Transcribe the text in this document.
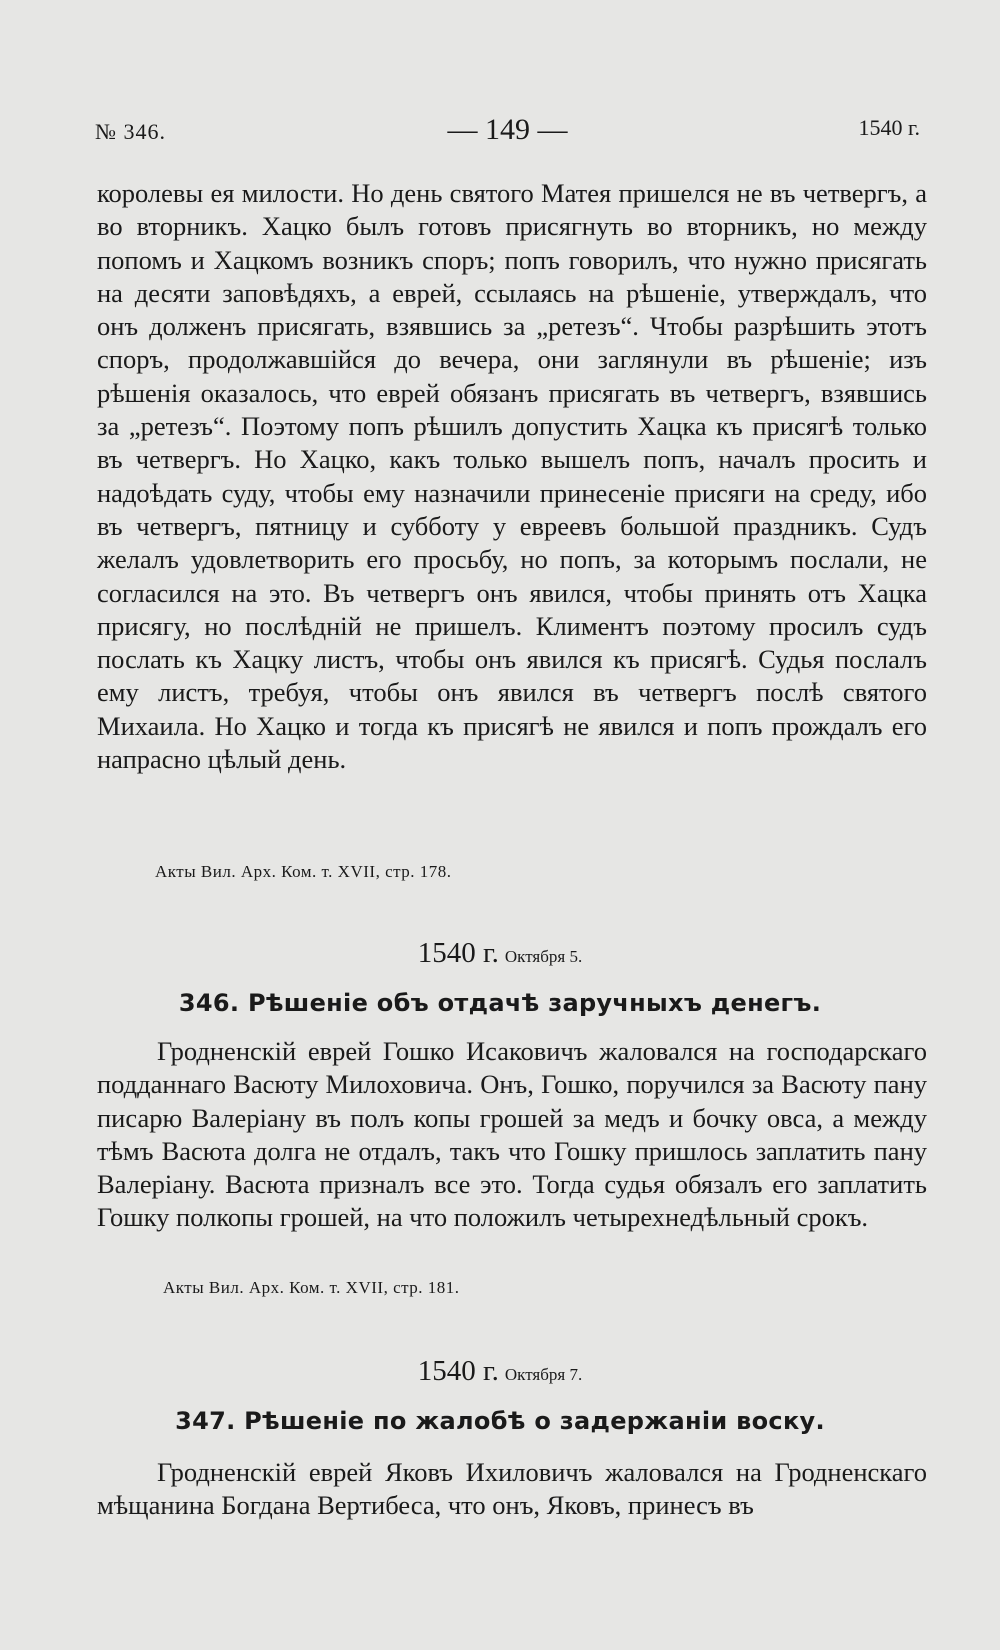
№ 346.	— 149 —	1540 г.

королевы ея милости. Но день святого Матея пришелся не въ четвергъ, а во вторникъ. Хацко былъ готовъ присягнуть во вторникъ, но между попомъ и Хацкомъ возникъ споръ; попъ говорилъ, что нужно присягать на десяти заповѣдяхъ, а еврей, ссылаясь на рѣшеніе, утверждалъ, что онъ долженъ присягать, взявшись за „ретезъ“. Чтобы разрѣшить этотъ споръ, продолжавшійся до вечера, они заглянули въ рѣшеніе; изъ рѣшенія оказалось, что еврей обязанъ присягать въ четвергъ, взявшись за „ретезъ“. Поэтому попъ рѣшилъ допустить Хацка къ присягѣ только въ четвергъ. Но Хацко, какъ только вышелъ попъ, началъ просить и надоѣдать суду, чтобы ему назначили принесеніе присяги на среду, ибо въ четвергъ, пятницу и субботу у евреевъ большой праздникъ. Судъ желалъ удовлетворить его просьбу, но попъ, за которымъ послали, не согласился на это. Въ четвергъ онъ явился, чтобы принять отъ Хацка присягу, но послѣдній не пришелъ. Климентъ поэтому просилъ судъ послать къ Хацку листъ, чтобы онъ явился къ присягѣ. Судья послалъ ему листъ, требуя, чтобы онъ явился въ четвергъ послѣ святого Михаила. Но Хацко и тогда къ присягѣ не явился и попъ прождалъ его напрасно цѣлый день.

Акты Вил. Арх. Ком. т. XVII, стр. 178.
1540 г. Октября 5.
346. Рѣшеніе объ отдачѣ заручныхъ денегъ.

Гродненскій еврей Гошко Исаковичъ жаловался на господарскаго подданнаго Васюту Милоховича. Онъ, Гошко, поручился за Васюту пану писарю Валеріану въ полъ копы грошей за медъ и бочку овса, а между тѣмъ Васюта долга не отдалъ, такъ что Гошку пришлось заплатить пану Валеріану. Васюта призналъ все это. Тогда судья обязалъ его заплатить Гошку полкопы грошей, на что положилъ четырехнедѣльный срокъ.

Акты Вил. Арх. Ком. т. XVII, стр. 181.
1540 г. Октября 7.
347. Рѣшеніе по жалобѣ о задержаніи воску.

Гродненскій еврей Яковъ Ихиловичъ жаловался на Гродненскаго мѣщанина Богдана Вертибеса, что онъ, Яковъ, принесъ въ
